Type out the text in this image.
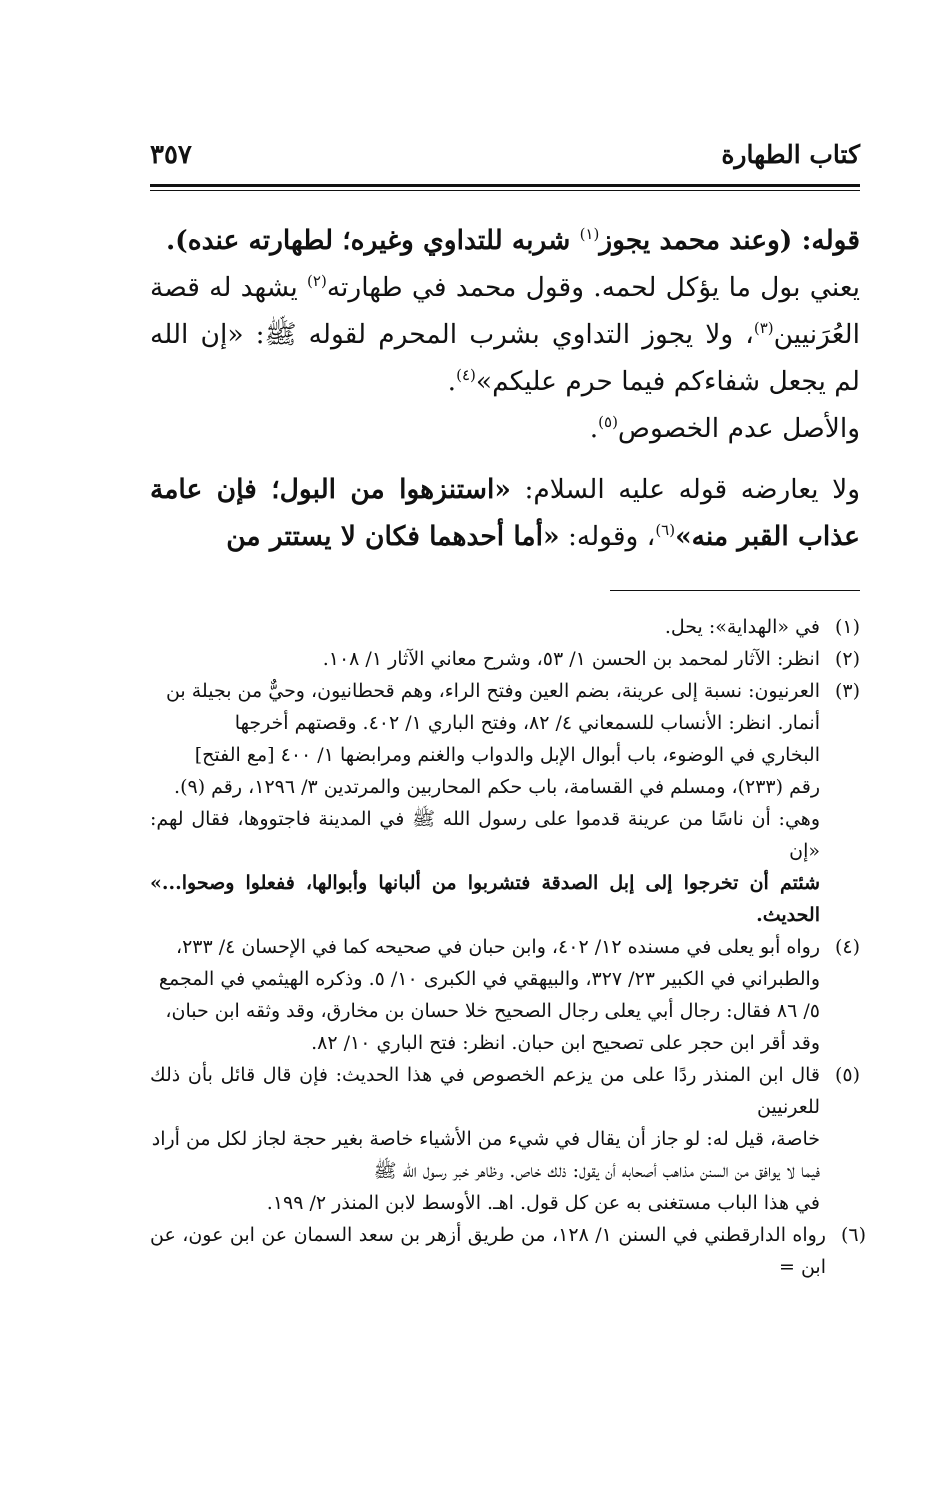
كتاب الطهارة
٣٥٧

قوله: (وعند محمد يجوز$^{(١)}$ شربه للتداوي وغيره؛ لطهارته عنده).

يعني بول ما يؤكل لحمه. وقول محمد في طهارته$^{(٢)}$ يشهد له قصة العُرَنيين$^{(٣)}$، ولا يجوز التداوي بشرب المحرم لقوله ﷺ: «إن الله لم يجعل شفاءكم فيما حرم عليكم»$^{(٤)}$.

والأصل عدم الخصوص$^{(٥)}$.

ولا يعارضه قوله عليه السلام: «استنزهوا من البول؛ فإن عامة عذاب القبر منه»$^{(٦)}$، وقوله: «أما أحدهما فكان لا يستتر من

(١)
في «الهداية»: يحل.
(٢)
انظر: الآثار لمحمد بن الحسن ١/ ٥٣، وشرح معاني الآثار ١/ ١٠٨.
(٣)
العرنيون: نسبة إلى عرينة، بضم العين وفتح الراء، وهم قحطانيون، وحيٌّ من بجيلة بن
أنمار. انظر: الأنساب للسمعاني ٤/ ٨٢، وفتح الباري ١/ ٤٠٢. وقصتهم أخرجها
البخاري في الوضوء، باب أبوال الإبل والدواب والغنم ومرابضها ١/ ٤٠٠ [مع الفتح]
رقم (٢٣٣)، ومسلم في القسامة، باب حكم المحاربين والمرتدين ٣/ ١٢٩٦، رقم (٩).
وهي: أن ناسًا من عرينة قدموا على رسول الله ﷺ في المدينة فاجتووها، فقال لهم: «إن
شئتم أن تخرجوا إلى إبل الصدقة فتشربوا من ألبانها وأبوالها، ففعلوا وصحوا...» الحديث.
(٤)
رواه أبو يعلى في مسنده ١٢/ ٤٠٢، وابن حبان في صحيحه كما في الإحسان ٤/ ٢٣٣،
والطبراني في الكبير ٢٣/ ٣٢٧، والبيهقي في الكبرى ١٠/ ٥. وذكره الهيثمي في المجمع
٥/ ٨٦ فقال: رجال أبي يعلى رجال الصحيح خلا حسان بن مخارق، وقد وثقه ابن حبان،
وقد أقر ابن حجر على تصحيح ابن حبان. انظر: فتح الباري ١٠/ ٨٢.
(٥)
قال ابن المنذر ردًا على من يزعم الخصوص في هذا الحديث: فإن قال قائل بأن ذلك للعرنيين
خاصة، قيل له: لو جاز أن يقال في شيء من الأشياء خاصة بغير حجة لجاز لكل من أراد
فيما لا يوافق من السنن مذاهب أصحابه أن يقول: ذلك خاص. وظاهر خبر رسول الله ﷺ
في هذا الباب مستغنى به عن كل قول. اهـ. الأوسط لابن المنذر ٢/ ١٩٩.
(٦)
رواه الدارقطني في السنن ١/ ١٢٨، من طريق أزهر بن سعد السمان عن ابن عون، عن ابن =
